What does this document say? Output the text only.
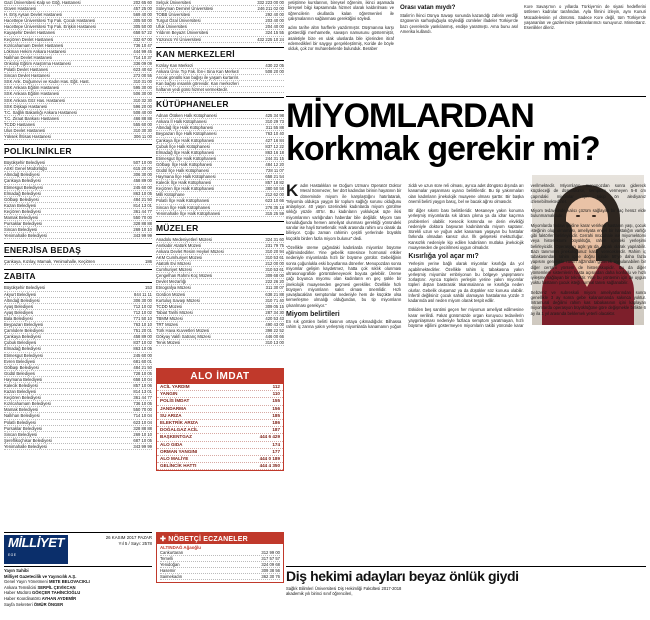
Gazi Üniversitesi Kalp ve Göğ. Hastanesi	202 65 60
Güven Hastanesi	457 25 00
H. Ertş Aysan Devlet Hastanesi	569 40 00
Hacettepe Üniversitesi Tıp Fak. Çocuk Hastanesi	305 50 00
Hacettepe Üniversitesi Tıp Fak. Erişkin Hastanesi	305 50 00
Kayaşehir Devlet Hastanesi	658 57 22
Keçiören Devlet Hastanesi	332 67 00
Kızılcahamam Devlet Hastanesi	736 10 47
Lökman Hekim Ankara Hastanesi	444 99 45
Nallıhan Devlet Hastanesi	714 10 37
Onkoloji Eğitim Araştırma Hastanesi	336 09 09
Polatlı Devlet Hastanesi	623 40 62
Sincan Devlet Hastanesi	272 00 55
SSK Ank. Doğumevi ve Kadın Has. Eğit. Hast.	310 31 00
SSK Ankara Eğitim Hastanesi	595 30 00
SSK Ankara Eğitim Hastanesi	506 30 00
SSK Ankara Göz Has. Hastanesi	310 32 30
SSK Dişkapi Hastanesi	596 20 00
T.C. Sağlık Bakanlığı Ankara Hastanesi	508 40 00
T.C. Ziraat Bankası Hastanesi	466 88 88
TCDD Hastanesi	555 60 00
Ulus Devlet Hastanesi	310 30 30
Yüksek İhtisas Hastanesi	306 11 00
POLİKLİNİKLER
Büyükşehir Belediyesi	507 10 00
ASKİ Genel Müdürlüğü	615 20 00
Altındağ Belediyesi	306 30 00
Çankaya Belediyesi	458 89 00
Etimesgut Belediyesi	245 60 00
Elmadağ Belediyesi	863 10 05
Gölbaşı Belediyesi	484 21 50
Kazan Belediyesi	814 13 01
Keçiören Belediyesi	361 44 77
Mamak Belediyesi	550 70 00
Pursaklar Belediyesi	328 88 88
Sincan Belediyesi	269 10 10
Yenimahalle Belediyesi	343 99 99
ENERJİSA BEDAŞ
Çankaya, Kızılay, Mamak, Yenimahalle, Keçiören	186
ZABITA
Büyükşehir Belediyesi	153
Akyurt Belediyesi	844 11 11
Altındağ Belediyesi	306 30 00
Ayaş Belediyesi	712 10 02
Ayaş Belediyesi	712 10 02
Bala Belediyesi	771 50 10
Beypazarı Belediyesi	763 10 10
Çamlıdere Belediyesi	751 20 01
Çankaya Belediyesi	458 89 00
Çubuk Belediyesi	837 10 02
Elmadağ Belediyesi	863 10 05
Etimesgut Belediyesi	245 60 00
Evren Belediyesi	681 60 01
Gölbaşı Belediyesi	484 21 50
Güdül Belediyesi	728 10 05
Haymana Belediyesi	658 10 04
Kalecik Belediyesi	857 10 06
Kazan Belediyesi	814 13 01
Keçiören Belediyesi	361 44 77
Kızılcahamam Belediyesi	736 10 05
Mamak Belediyesi	550 70 00
Nallıhan Belediyesi	714 10 04
Polatlı Belediyesi	623 10 04
Pursaklar Belediyesi	328 88 88
Sincan Belediyesi	269 10 10
Şereflikoçhisar Belediyesi	687 10 05
Yenimahalle Belediyesi	343 99 99
Selçuk Üniversitesi	332 223 00 00
Süleyman Demirel Üniversitesi	246 211 02 00
TOBB Üniversitesi	292 40 00
Turgut Özal Üniversitesi	203 40 00
Ufuk Üniversitesi	204 40 00
Yıldırım Beyazıt Üniversitesi	324 15 55
Yüzüncü Yıl Üniversitesi	432 225 10 24
KAN MERKEZLERİ
Kızılay Kan Merkezi	430 22 05
Ankara Üniv. Tıp Fak. İbn-i Sina Kan Merkezi	508 20 00
Ancak gönüllü kan bağışı ile yaşam kurtarılır.
Kan bağışı insanlık görevidir. Kan merkezleri
haftanın yedi günü hizmet vermektedir.
KÜTÜPHANELER
Adnan Ötüken Halk Kütüphanesi	425 34 98
Ankara İl Halk Kütüphanesi	310 29 73
Altındağ İlçe Halk Kütüphanesi	311 55 88
Beypazarı İlçe Halk Kütüphanesi	763 10 40
Çankaya İlçe Halk Kütüphanesi	427 16 84
Çubuk İlçe Halk Kütüphanesi	837 12 22
Elmadağ İlçe Halk Kütüphanesi	863 16 18
Etimesgut İlçe Halk Kütüphanesi	244 31 15
Gölbaşı İlçe Halk Kütüphanesi	484 12 20
Güdül İlçe Halk Kütüphanesi	728 11 07
Haymana İlçe Halk Kütüphanesi	658 21 54
Kalecik İlçe Halk Kütüphanesi	857 18 82
Keçiören İlçe Halk Kütüphanesi	380 50 58
Milli Kütüphane	212 62 00
Polatlı İlçe Halk Kütüphanesi	623 10 66
Sincan İlçe Halk Kütüphanesi	276 35 18
Yenimahalle İlçe Halk Kütüphanesi	315 25 59
MÜZELER
Anadolu Medeniyetleri Müzesi	324 31 60
Anıtkabir Atatürk Müzesi	231 79 75
Ankara Devlet Resim Heykel Müzesi	310 20 94
AKM Cumhuriyet Müzesi	310 53 61
Atatürk Evi Müzesi	212 00 00
Cumhuriyet Müzesi	310 53 61
Çengelhan Rahmi Koç Müzesi	309 68 00
Devlet Mezarlığı	222 26 20
Etnografya Müzesi	311 30 07
Gordion Müzesi	638 21 88
Kurtuluş Savaşı Müzesi	310 71 40
TCDD Müzesi	309 05 15
Tabiat Tarihi Müzesi	287 34 30
TBMM Müzesi	420 53 43
TRT Müzesi	490 43 00
Türk Hava Kuvvetleri Müzesi	398 22 52
Gökyay Vakfı Satranç Müzesi	446 00 66
Tenis Müzesi	310 13 00
ALO İMDAT
ACİL YARDIM	112
YANGIN	110
POLİS İMDAT	155
JANDARMA	156
SU ARIZA	185
ELEKTRİK ARIZA	186
DOĞALGAZ ACİL	187
BAŞKENTGAZ	444 6 429
ALO GIDA	174
ORMAN YANGINI	177
ALO MALİYE	444 0 189
GELİNCİK HATTI	444 4 350
MİLLİYET
EGE
26 KASIM 2017 PAZAR
Yıl 5 / Sayı: 2578
Yayın Sahibi
Milliyet Gazetecilik ve Yayıncılık A.Ş.
Genel Yayın Yönetmeni METE BELOVACIKLI
Ankara Temsilcisi SERPİL ÇEVİKCAN
Haber Müdürü GÖKÇER TAHİNCİOĞLU
Haber Koordinatörü AYHAN AYDEMİR
Sayfa Sekreteri ÖMÜR ÖNGER
✚ NÖBETÇİ ECZANELER
ALTINDAĞ Ağaoğlu
Cankurtaran	312 99 00
Temelli	317 57 57
Yenidoğan	324 09 68
Hasemir	309 38 56
Saimekadın	362 30 76
yetiştirme kurslarının, bireysel öğrenim, ikinci aşamada bireysel bilgi kapsamında hizmet olarak kaldırılması ve öğrencilerin okullarda kalan öğretmenleri ile çalışmalarının sağlanması gerektiğini söyledi.
adını tarihe altın harflerle yazdırmıştır. Düşmanına karşı gösterdiği merhametle, savaşın namusunu göstermiştir, asaletiyle bize en ulak uluslarda bile içlerinden itiraf edemedikleri bir saygıyı gerçekleştirmiş, Koride de böyle olduk, çok zor muharebelerde bulunduk. Beraber
Orası vatan mıydı?
Stalin’in İkinci Dünya Savaşı sonunda kazandığı zaferin verdiği özgüvenin sarhoşluğuyla söylediği cümleler ifadeler Türkiye’de bazı çevrelerde yankılanmış, endişe yaratmıştı. Ama bunu asıl Amerika kullandı.
Kore Savaşı’nın o yıllarda Türkiye’nin de siyasi hedeflerini üstlenen kadrolar tarafından. Ayla filmini izleyin, aynı Kunuri Mücadelesinin yıl dönümü. Sadece Kore değil, tüm Türkiye’de yaşananları ve gazilerimize şükranlarımızı sunuyoruz. Minnettarız. Esenlikler dileriz.
MİYOMLARDAN
korkmak gerekir mi?

Kadın Hastalıkları ve Doğum Uzmanı Operatör Doktor Meral Sönmezer, her dört kadından birinin hayatının bir döneminde miyom ile karşılaştığını hatırlatarak, “Miyomla oldukça yaygın bir toplum sağlığı sorunu olduğunu anlaşılıyor. 40 yaşın üzerindeki kadınlarda miyom görülme sıklığı yüzde 40’tır. Bu kadınların yoklukçak üçte ikisi miyomlarının varlığından haberdar bile değildir. Miyom tanı konulduğunda hemen ameliyat olunması gerektiği yönündeki sanılar ise hayli tümetlendir. Halk arasında rahim uru olarak da biliniyor. Çoğu zaman rahimin çeşitli yerlerinde büyüklü küçüklü birden fazla miyom bulunur” dedi.

“Özellikle üreme çağındaki kadınlarda miyomlar büyüme eğilimindedirler. Yine gebelik süresince hormonal etkiler nedeniyle miyomlarda hızlı bir büyüme görülür. Gebeliğinin sonra çoğunlukla eski boyutlarına dönerler. Menopozdan sonra miyomlar gelişim kaydetmez, hatta çok sıklık olunması ultrasonografide görüntüleneyecek boyuta gelebilir. Üreme çağı boyunca miyomu olan kadınların en geç şükle bir jinekolojik muayeneden geçmesi gerekliler. Özellikle hızlı büyüyen miyomların sakıt olması önemlidir. Hızlı yavaşlacakları semptomlar nedeniyle hem de küçükte olsa kemerleşme olmalığı olduğundan, bu tip miyomların çıkarılması gerekiyor.”

Miyom belirtileri

En sık görülen belirti kasının ortaya çıkmadığıdır. Bilhassa rahim iç zarına yakın yerleşmiş miyomlarda kanamanın yoğun ziddı ve uzun süre reli olması, ayrıca adet döngüsü dışında arı kanamalar yaşanması uyarıcı belirtilerdir. Bu tip yakınmaları olan kadınların jinekolojik muayene olması şarttır. Bir başka önemli belirti yaygın basıç, bel ve bacak ağrısı olmasıdır.

Bir diğer sıkıntı bası belirtileridir. Mesaneye yakın konuma yerleşmiş miyomlarda sık idrara çıkma ya da idrar kaçırma problemleri olabilir. Kesecik kısmında ve derin ekvikliği nedeniyle doktora başvuran kadınlarında miyom saptanır. Sürekli uzun ve yoğun adet kanaması yaşayan bu hastalar farkında olmadan kansız olur. İlk gelişeteki mektuzluğur. Kansızlık nedeniyle kip edilen kadınların mutlaka jinekolojik muayeneden de gecirilmesi uygun olmalıdır.

Kısırlığa yol açar mı?

Yerleşim yerine bağlı olarak miyomlar kısırlığa da yol açabilmektedirler. Özellikle rahim iç tabakasına yakın yerleşmiş miyomlar embriyonun bu bölgeye yapışmasını zorlaştırır. Ayrıca tüplerin yerleşim yerine yakın miyomlar tüpleri dıştan bastırarak tıkanmalarına ve kısırlığa neden olurlar. Gebelik oluşamaz ya da düşükler söz konusu olabilir. İnfertil değilsiniz çocuk sahibi olamayan hastalarına yüzde 3 kadarında asıl neden miyom olarak tespit edilir.

Eskiden beş santimi geçen her miyomun ameliyat edilmesine karar verilirdi. Fakat günümüzde organ koruyucu tedavilerin yaygınlaşması nedeniyle fazlaca semptom yaratmayan, hızlı büyüme eğilimi göstermeyen miyomlarin takibi yönünde karar verilmektedir. Miyomların menopozdan sonra gidereck küçüleceği de düşünülürse, semptom vermeyen 5-8 cm çapındaki miyomlar için takip ön alediyanız izlenebilmektedirler.

Miyom tedavisinde kalıcı çözüm sağlayan bir ilaç henüz elde bulunmamaktadır.

Miyomlarda tedavi şekline karar verirken hastanın yaşı, çocuk isteğinin olup olmaması, ameliyata engel bir hastalığın varlığı gibi faktörler belirleyicidir. Cerrahi müdahale ise miyomektomi veya histerektomi büyüklüğü, rahim içindeki yerleşimi belirleyicidir. Operasyon açık ya da kapalı olarak yapılabilir. Bazı tanımının jinekologunuz karar vereceklerdir. Rahim iç tabakasından rahim içine doğru içinde 50’ye daha fazla yapısını genellikle rahim ağzından girilerek uygulanabilen bir diğer cerrahi yöntem de histeroskopidir. Bu da diğer yöntemlere sistemlerin hasta açısından daha konforlu ve hızlı iyileşme sağlayan bir tekniktir. Yine bu yöntemin için de uygun yoktu hastanın çocuk isteği normal tanısı sağlanabilir.

Sebzeriz ve subreskali miyom ameliyatlarından sonra genellikle 3 ay sonra gebe kalanamanda sakınca yoktur. İntramural değilimi rahim kas tabakasının içini kaplayan miyomlarda operasyon büyüklüğüne göre değişmekle birlikte 6 ay ila 1 yıl arasında beklemek yeterli olacaktır.

Diş hekimi adayları beyaz önlük giydi
Sağlık Bilimleri Üniversitesi Diş Hekimliği Fakültesi 2017-2018 akademik yılı birinci sınıf öğrencileri,
